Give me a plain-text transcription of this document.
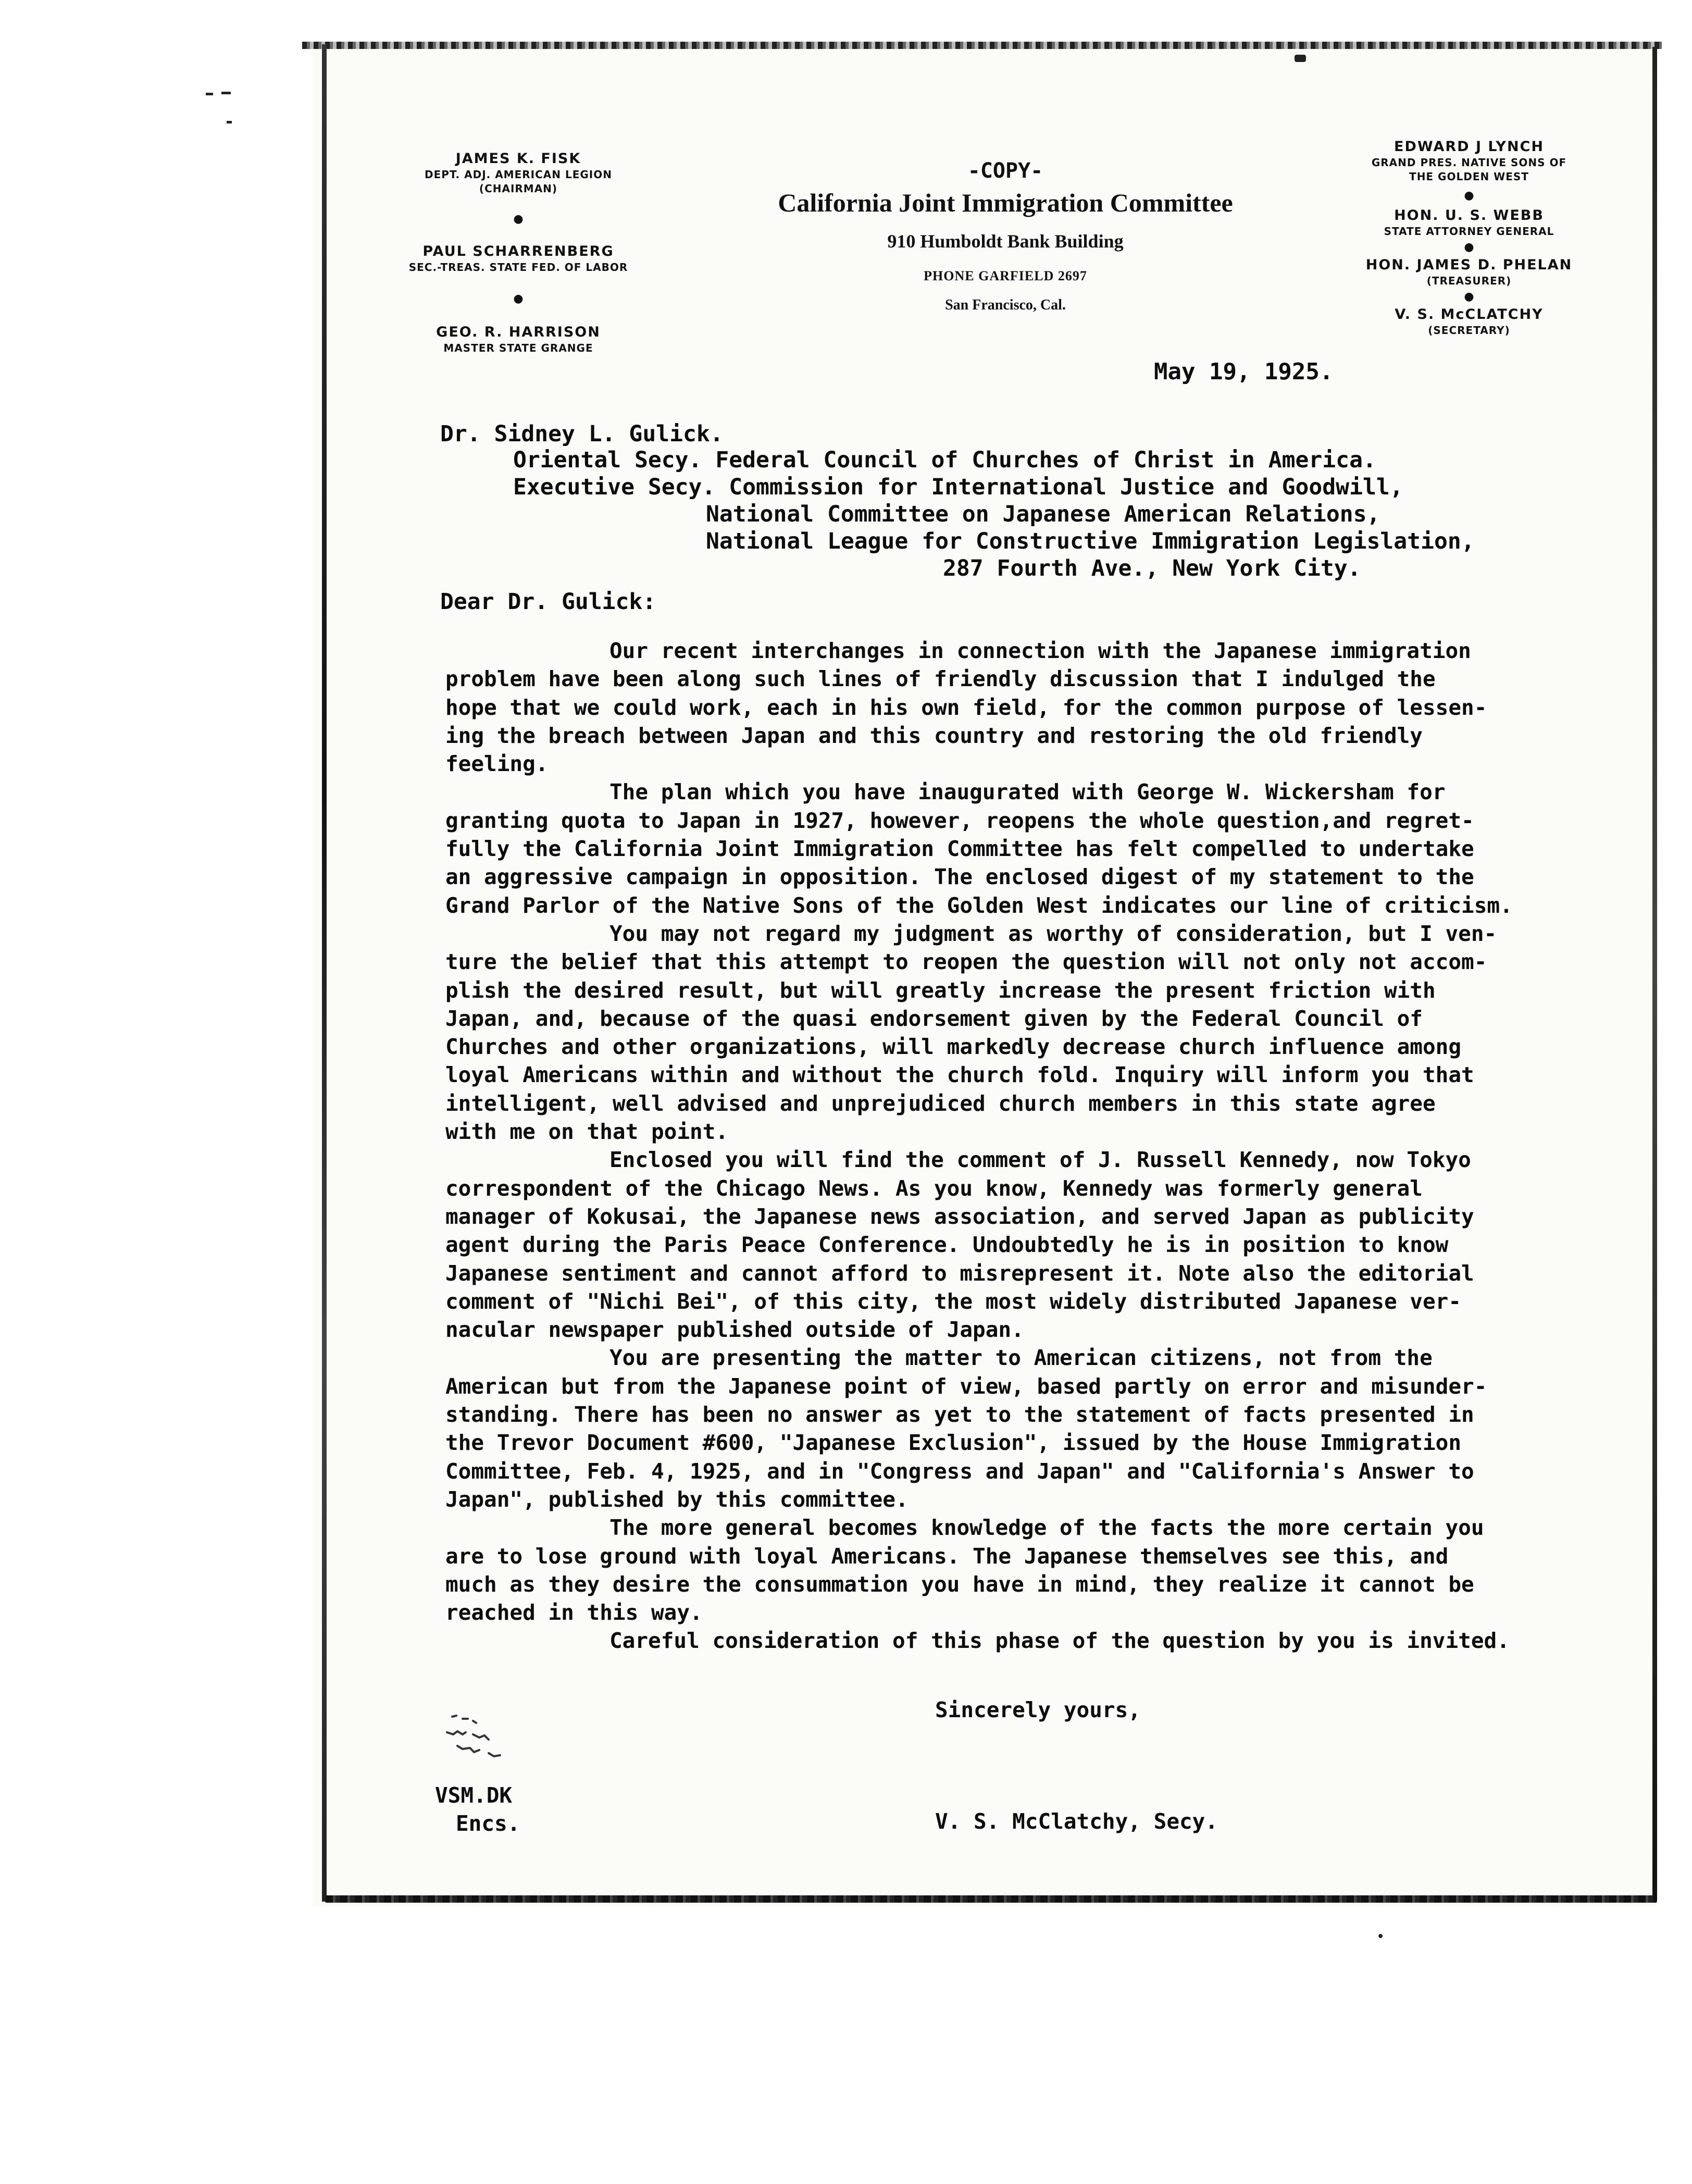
JAMES K. FISK
DEPT. ADJ. AMERICAN LEGION
(CHAIRMAN)
●
PAUL SCHARRENBERG
SEC.-TREAS. STATE FED. OF LABOR
●
GEO. R. HARRISON
MASTER STATE GRANGE
-COPY-
California Joint Immigration Committee
910 Humboldt Bank Building
PHONE GARFIELD 2697
San Francisco, Cal.
EDWARD J LYNCH
GRAND PRES. NATIVE SONS OF
THE GOLDEN WEST
●
HON. U. S. WEBB
STATE ATTORNEY GENERAL
●
HON. JAMES D. PHELAN
(TREASURER)
●
V. S. McCLATCHY
(SECRETARY)
May 19, 1925.
Dr. Sidney L. Gulick.
Oriental Secy. Federal Council of Churches of Christ in America.
Executive Secy. Commission for International Justice and Goodwill,
National Committee on Japanese American Relations,
National League for Constructive Immigration Legislation,
287 Fourth Ave., New York City.
Dear Dr. Gulick:
Our recent interchanges in connection with the Japanese immigration
problem have been along such lines of friendly discussion that I indulged the
hope that we could work, each in his own field, for the common purpose of lessen-
ing the breach between Japan and this country and restoring the old friendly
feeling.
The plan which you have inaugurated with George W. Wickersham for
granting quota to Japan in 1927, however, reopens the whole question,and regret-
fully the California Joint Immigration Committee has felt compelled to undertake
an aggressive campaign in opposition. The enclosed digest of my statement to the
Grand Parlor of the Native Sons of the Golden West indicates our line of criticism.
You may not regard my judgment as worthy of consideration, but I ven-
ture the belief that this attempt to reopen the question will not only not accom-
plish the desired result, but will greatly increase the present friction with
Japan, and, because of the quasi endorsement given by the Federal Council of
Churches and other organizations, will markedly decrease church influence among
loyal Americans within and without the church fold. Inquiry will inform you that
intelligent, well advised and unprejudiced church members in this state agree
with me on that point.
Enclosed you will find the comment of J. Russell Kennedy, now Tokyo
correspondent of the Chicago News. As you know, Kennedy was formerly general
manager of Kokusai, the Japanese news association, and served Japan as publicity
agent during the Paris Peace Conference. Undoubtedly he is in position to know
Japanese sentiment and cannot afford to misrepresent it. Note also the editorial
comment of "Nichi Bei", of this city, the most widely distributed Japanese ver-
nacular newspaper published outside of Japan.
You are presenting the matter to American citizens, not from the
American but from the Japanese point of view, based partly on error and misunder-
standing. There has been no answer as yet to the statement of facts presented in
the Trevor Document #600, "Japanese Exclusion", issued by the House Immigration
Committee, Feb. 4, 1925, and in "Congress and Japan" and "California's Answer to
Japan", published by this committee.
The more general becomes knowledge of the facts the more certain you
are to lose ground with loyal Americans. The Japanese themselves see this, and
much as they desire the consummation you have in mind, they realize it cannot be
reached in this way.
Careful consideration of this phase of the question by you is invited.
Sincerely yours,
VSM.DK
Encs.	V. S. McClatchy, Secy.
